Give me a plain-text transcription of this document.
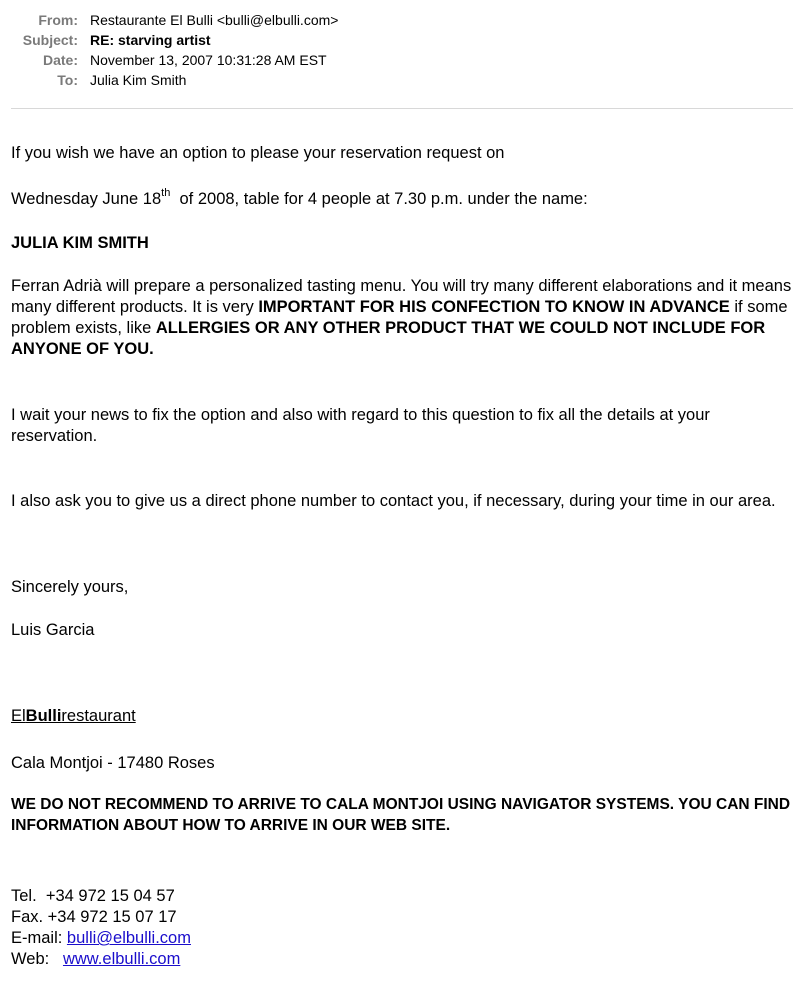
From: Restaurante El Bulli <bulli@elbulli.com>
Subject: RE: starving artist
Date: November 13, 2007 10:31:28 AM EST
To: Julia Kim Smith

If you wish we have an option to please your reservation request on

Wednesday June 18th  of 2008, table for 4 people at 7.30 p.m. under the name:

JULIA KIM SMITH

Ferran Adrià will prepare a personalized tasting menu. You will try many different elaborations and it means many different products. It is very IMPORTANT FOR HIS CONFECTION TO KNOW IN ADVANCE if some problem exists, like ALLERGIES OR ANY OTHER PRODUCT THAT WE COULD NOT INCLUDE FOR ANYONE OF YOU.

I wait your news to fix the option and also with regard to this question to fix all the details at your reservation.

I also ask you to give us a direct phone number to contact you, if necessary, during your time in our area.

Sincerely yours,

Luis Garcia

ElBullirestaurant

Cala Montjoi - 17480 Roses

WE DO NOT RECOMMEND TO ARRIVE TO CALA MONTJOI USING NAVIGATOR SYSTEMS. YOU CAN FIND INFORMATION ABOUT HOW TO ARRIVE IN OUR WEB SITE.

Tel.  +34 972 15 04 57
Fax. +34 972 15 07 17
E-mail: bulli@elbulli.com
Web:   www.elbulli.com
